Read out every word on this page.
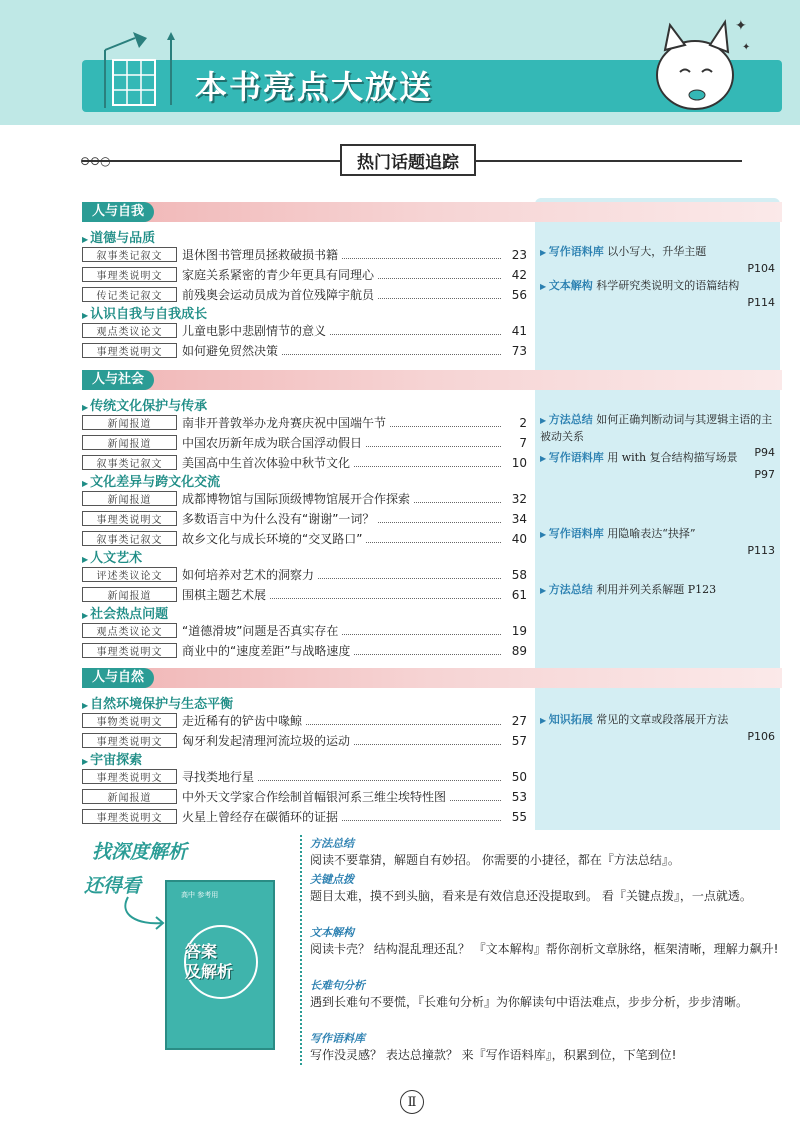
本书亮点大放送
✦
✦
⊙⊙○	热门话题追踪
人与自我
▶ 道德与品质
叙事类记叙文	退休图书管理员拯救破损书籍	23
事理类说明文	家庭关系紧密的青少年更具有同理心	42
传记类记叙文	前残奥会运动员成为首位残障宇航员	56
▶ 认识自我与自我成长
观点类议论文	儿童电影中悲剧情节的意义	41
事理类说明文	如何避免贸然决策	73
人与社会
▶ 传统文化保护与传承
新闻报道	南非开普敦举办龙舟赛庆祝中国端午节	2
新闻报道	中国农历新年成为联合国浮动假日	7
叙事类记叙文	美国高中生首次体验中秋节文化	10
▶ 文化差异与跨文化交流
新闻报道	成都博物馆与国际顶级博物馆展开合作探索	32
事理类说明文	多数语言中为什么没有“谢谢”一词？	34
叙事类记叙文	故乡文化与成长环境的“交叉路口”	40
▶ 人文艺术
评述类议论文	如何培养对艺术的洞察力	58
新闻报道	围棋主题艺术展	61
▶ 社会热点问题
观点类议论文	“道德滑坡”问题是否真实存在	19
事理类说明文	商业中的“速度差距”与战略速度	89
人与自然
▶ 自然环境保护与生态平衡
事物类说明文	走近稀有的铲齿中喙鲸	27
事理类说明文	匈牙利发起清理河流垃圾的运动	57
▶ 宇宙探索
事理类说明文	寻找类地行星	50
新闻报道	中外天文学家合作绘制首幅银河系三维尘埃特性图	53
事理类说明文	火星上曾经存在碳循环的证据	55
▶ 写作语料库 以小写大，升华主题
P104
▶ 文本解构 科学研究类说明文的语篇结构
P114
▶ 方法总结 如何正确判断动词与其逻辑主语的主被动关系
P94
▶ 写作语料库 用 with 复合结构描写场景
P97
▶ 写作语料库 用隐喻表达“抉择”
P113
▶ 方法总结 利用并列关系解题 P123
▶ 知识拓展 常见的文章或段落展开方法
P106
找深度解析
还得看	高中 参考用
答案
及解析
方法总结
阅读不要靠猜，解题自有妙招。 你需要的小捷径，都在『方法总结』。
关键点拨
题目太难，摸不到头脑，看来是有效信息还没提取到。 看『关键点拨』，一点就透。
文本解构
阅读卡壳？ 结构混乱理还乱？ 『文本解构』帮你剖析文章脉络，框架清晰，理解力飙升!
长难句分析
遇到长难句不要慌，『长难句分析』为你解读句中语法难点，步步分析，步步清晰。
写作语料库
写作没灵感？ 表达总撞款？ 来『写作语料库』，积累到位，下笔到位!
Ⅱ
